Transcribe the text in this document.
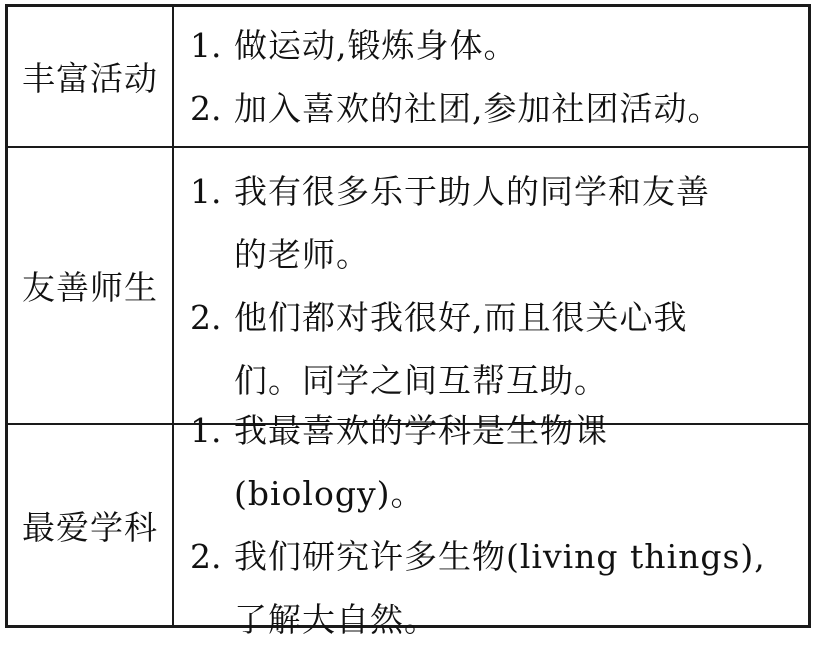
丰富活动
1. 做运动,锻炼身体。
2. 加入喜欢的社团,参加社团活动。
友善师生
1. 我有很多乐于助人的同学和友善
的老师。
2. 他们都对我很好,而且很关心我
们。同学之间互帮互助。
最爱学科
1. 我最喜欢的学科是生物课(biology)。
2. 我们研究许多生物(living things),
了解大自然。
